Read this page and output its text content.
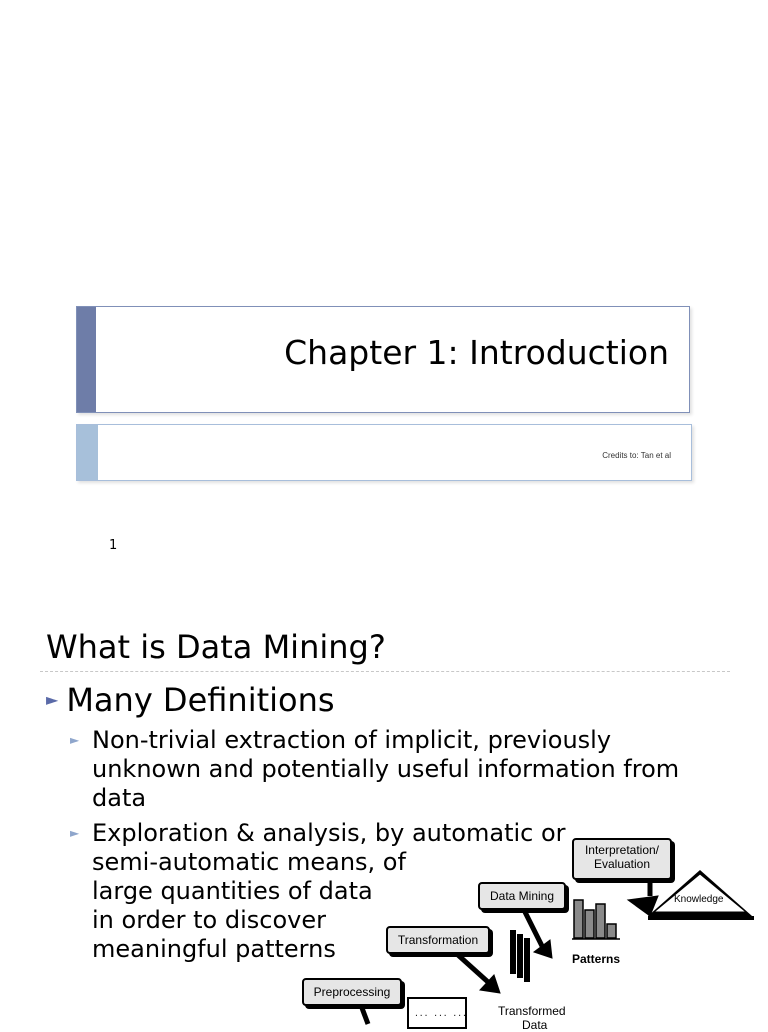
Chapter 1: Introduction
Credits to: Tan et al
1
What is Data Mining?
► Many Definitions
► Non-trivial extraction of implicit, previously
unknown and potentially useful information from
data
► Exploration & analysis, by automatic or
semi-automatic means, of
large quantities of data
in order to discover
meaningful patterns
... ... ...
Preprocessing
Transformation
Data Mining
Interpretation/
Evaluation
Knowledge
Patterns
Transformed
Data
